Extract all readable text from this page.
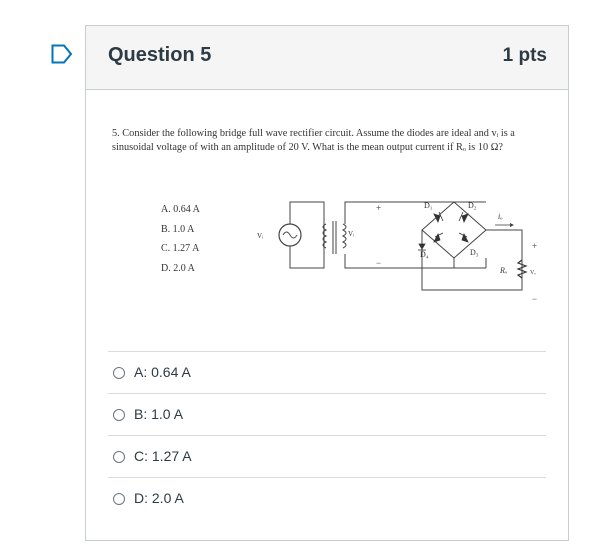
Question 5	1 pts

5. Consider the following bridge full wave rectifier circuit. Assume the diodes are ideal and vᵢ is a sinusoidal voltage of with an amplitude of 20 V. What is the mean output current if Rₒ is 10 Ω?

A. 0.64 A
B. 1.0 A
C. 1.27 A
D. 2.0 A
Vᵢ	Vᵢ
+
−
D₁	D₂
D₃
D₄
iₒ
+
Rₒ	Vₒ
−
A: 0.64 A
B: 1.0 A
C: 1.27 A
D: 2.0 A
